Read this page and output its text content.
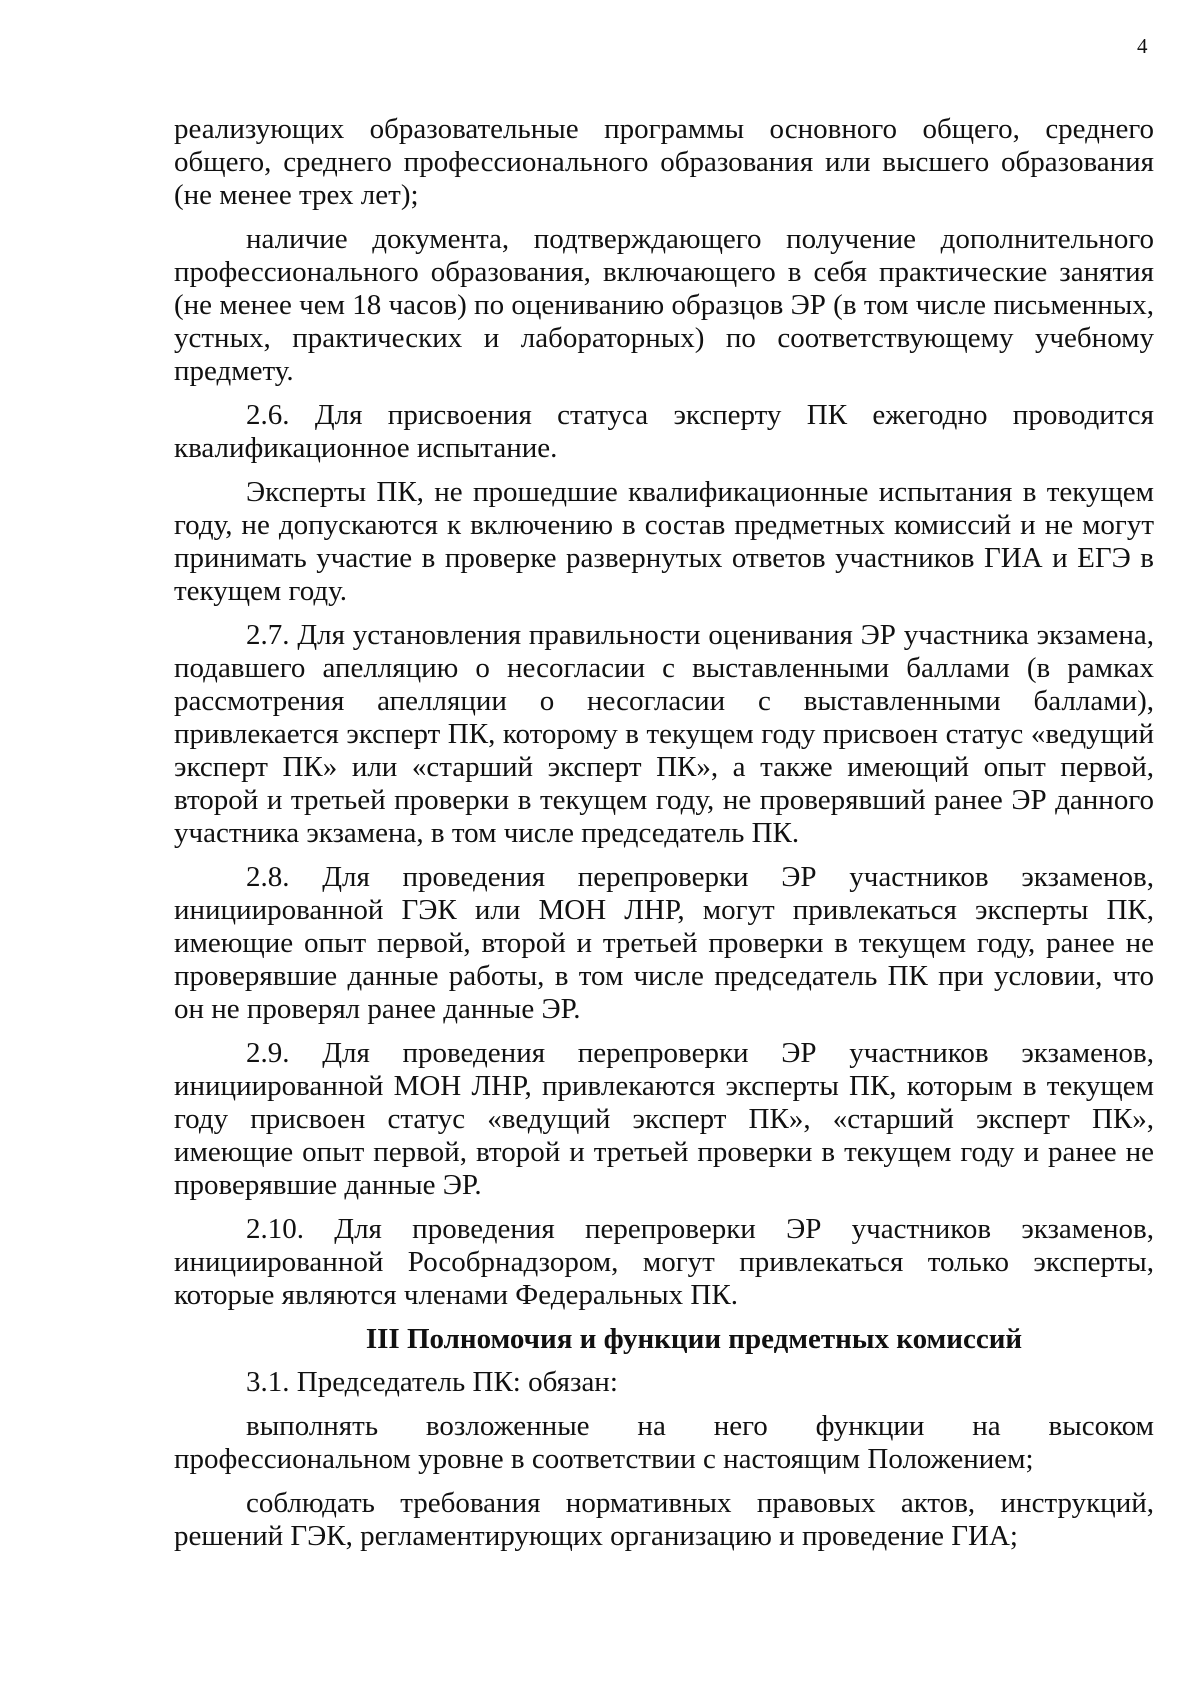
4

реализующих образовательные программы основного общего, среднего общего, среднего профессионального образования или высшего образования (не менее трех лет);

наличие документа, подтверждающего получение дополнительного профессионального образования, включающего в себя практические занятия (не менее чем 18 часов) по оцениванию образцов ЭР (в том числе письменных, устных, практических и лабораторных) по соответствующему учебному предмету.

2.6. Для присвоения статуса эксперту ПК ежегодно проводится квалификационное испытание.

Эксперты ПК, не прошедшие квалификационные испытания в текущем году, не допускаются к включению в состав предметных комиссий и не могут принимать участие в проверке развернутых ответов участников ГИА и ЕГЭ в текущем году.

2.7. Для установления правильности оценивания ЭР участника экзамена, подавшего апелляцию о несогласии с выставленными баллами (в рамках рассмотрения апелляции о несогласии с выставленными баллами), привлекается эксперт ПК, которому в текущем году присвоен статус «ведущий эксперт ПК» или «старший эксперт ПК», а также имеющий опыт первой, второй и третьей проверки в текущем году, не проверявший ранее ЭР данного участника экзамена, в том числе председатель ПК.

2.8. Для проведения перепроверки ЭР участников экзаменов, инициированной ГЭК или МОН ЛНР, могут привлекаться эксперты ПК, имеющие опыт первой, второй и третьей проверки в текущем году, ранее не проверявшие данные работы, в том числе председатель ПК при условии, что он не проверял ранее данные ЭР.

2.9. Для проведения перепроверки ЭР участников экзаменов, инициированной МОН ЛНР, привлекаются эксперты ПК, которым в текущем году присвоен статус «ведущий эксперт ПК», «старший эксперт ПК», имеющие опыт первой, второй и третьей проверки в текущем году и ранее не проверявшие данные ЭР.

2.10. Для проведения перепроверки ЭР участников экзаменов, инициированной Рособрнадзором, могут привлекаться только эксперты, которые являются членами Федеральных ПК.

III Полномочия и функции предметных комиссий

3.1. Председатель ПК: обязан:

выполнять возложенные на него функции на высоком профессиональном уровне в соответствии с настоящим Положением;

соблюдать требования нормативных правовых актов, инструкций, решений ГЭК, регламентирующих организацию и проведение ГИА;
